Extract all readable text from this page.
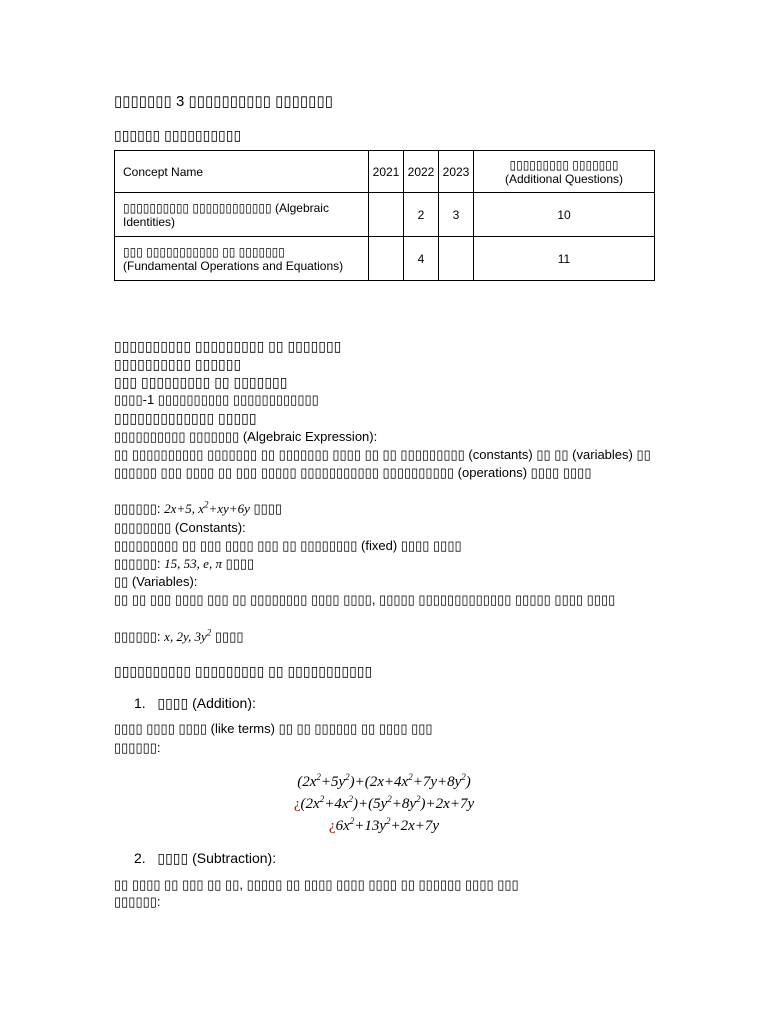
▯▯▯▯▯▯▯ 3 ▯▯▯▯▯▯▯▯▯▯ ▯▯▯▯▯▯▯
▯▯▯▯▯▯ ▯▯▯▯▯▯▯▯▯▯
Concept Name	2021	2022	2023	▯▯▯▯▯▯▯▯▯ ▯▯▯▯▯▯▯
(Additional Questions)

▯▯▯▯▯▯▯▯▯▯ ▯▯▯▯▯▯▯▯▯▯▯▯ (Algebraic Identities)		2	3	10

▯▯▯ ▯▯▯▯▯▯▯▯▯▯▯ ▯▯ ▯▯▯▯▯▯▯
(Fundamental Operations and Equations)		4		11
▯▯▯▯▯▯▯▯▯▯ ▯▯▯▯▯▯▯▯▯ ▯▯ ▯▯▯▯▯▯▯
▯▯▯▯▯▯▯▯▯▯ ▯▯▯▯▯▯
▯▯▯ ▯▯▯▯▯▯▯▯▯ ▯▯ ▯▯▯▯▯▯▯
▯▯▯▯-1 ▯▯▯▯▯▯▯▯▯▯ ▯▯▯▯▯▯▯▯▯▯▯▯
▯▯▯▯▯▯▯▯▯▯▯▯▯ ▯▯▯▯▯
▯▯▯▯▯▯▯▯▯▯ ▯▯▯▯▯▯▯ (Algebraic Expression):
▯▯ ▯▯▯▯▯▯▯▯▯▯ ▯▯▯▯▯▯▯ ▯▯ ▯▯▯▯▯▯▯ ▯▯▯▯ ▯▯ ▯▯ ▯▯▯▯▯▯▯▯▯ (constants) ▯▯ ▯▯ (variables) ▯▯ ▯▯▯▯▯▯ ▯▯▯ ▯▯▯▯ ▯▯ ▯▯▯ ▯▯▯▯▯ ▯▯▯▯▯▯▯▯▯▯▯ ▯▯▯▯▯▯▯▯▯▯ (operations) ▯▯▯▯ ▯▯▯▯
▯▯▯▯▯▯: 2x+5, $x^2+xy+6y$ ▯▯▯▯
▯▯▯▯▯▯▯▯ (Constants):
▯▯▯▯▯▯▯▯▯ ▯▯ ▯▯▯ ▯▯▯▯ ▯▯▯ ▯▯ ▯▯▯▯▯▯▯▯ (fixed) ▯▯▯▯ ▯▯▯▯
▯▯▯▯▯▯: 15, 53, e, π ▯▯▯▯
▯▯ (Variables):
▯▯ ▯▯ ▯▯▯ ▯▯▯▯ ▯▯▯ ▯▯ ▯▯▯▯▯▯▯▯ ▯▯▯▯ ▯▯▯▯, ▯▯▯▯▯ ▯▯▯▯▯▯▯▯▯▯▯▯▯ ▯▯▯▯▯ ▯▯▯▯ ▯▯▯▯
▯▯▯▯▯▯: x, 2y, $3y^2$ ▯▯▯▯
▯▯▯▯▯▯▯▯▯▯ ▯▯▯▯▯▯▯▯▯ ▯▯ ▯▯▯▯▯▯▯▯▯▯▯
1. ▯▯▯▯ (Addition):
▯▯▯▯ ▯▯▯▯ ▯▯▯▯ (like terms) ▯▯ ▯▯ ▯▯▯▯▯▯ ▯▯ ▯▯▯▯ ▯▯▯
▯▯▯▯▯▯:
$(2x^2+5y^2)+(2x+4x^2+7y+8y^2)$
¿$(2x^2+4x^2)+(5y^2+8y^2)+2x+7y$
¿$6x^2+13y^2+2x+7y$
2. ▯▯▯▯ (Subtraction):
▯▯ ▯▯▯▯ ▯▯ ▯▯▯ ▯▯ ▯▯, ▯▯▯▯▯ ▯▯ ▯▯▯▯ ▯▯▯▯ ▯▯▯▯ ▯▯ ▯▯▯▯▯▯ ▯▯▯▯ ▯▯▯
▯▯▯▯▯▯:
